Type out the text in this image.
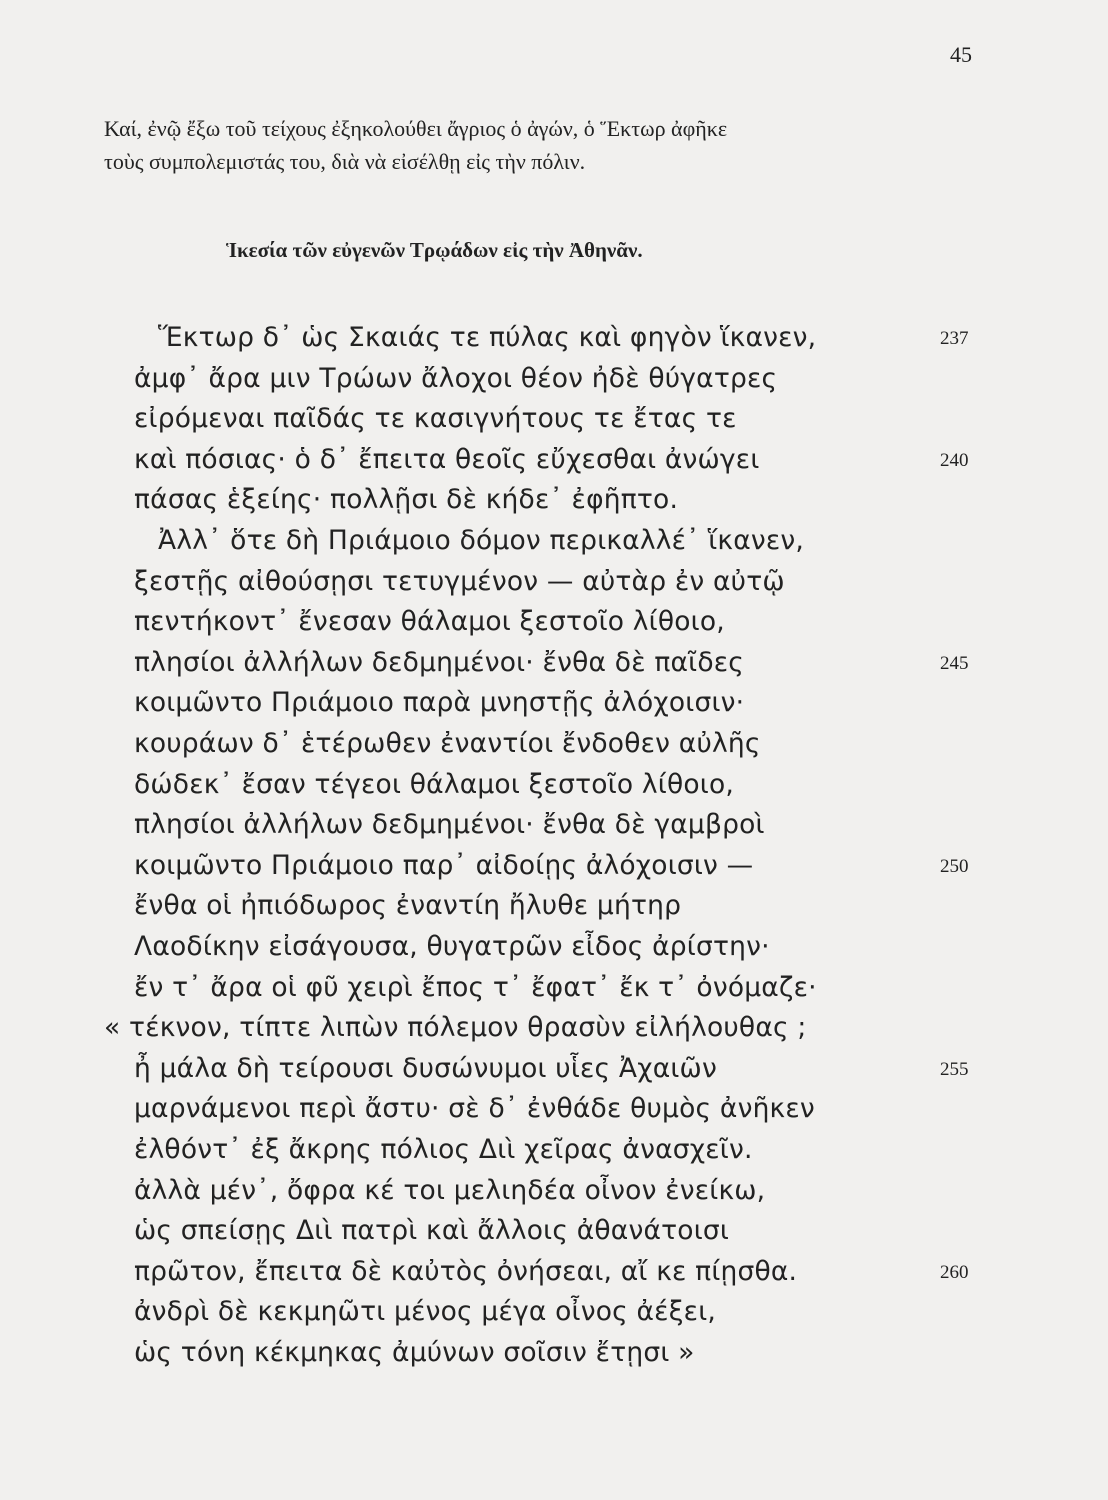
45
Καί, ἐνῷ ἔξω τοῦ τείχους ἐξηκολούθει ἄγριος ὁ ἀγών, ὁ Ἕκτωρ ἀφῆκε
τοὺς συμπολεμιστάς του, διὰ νὰ εἰσέλθῃ εἰς τὴν πόλιν.
Ἱκεσία τῶν εὐγενῶν Τρῳάδων εἰς τὴν Ἀθηνᾶν.
Ἕκτωρ δ᾽ ὡς Σκαιάς τε πύλας καὶ φηγὸν ἵκανεν,	237
ἀμφ᾽ ἄρα μιν Τρώων ἄλοχοι θέον ἠδὲ θύγατρες
εἰρόμεναι παῖδάς τε κασιγνήτους τε ἔτας τε
καὶ πόσιας· ὁ δ᾽ ἔπειτα θεοῖς εὔχεσθαι ἀνώγει	240
πάσας ἑξείης· πολλῇσι δὲ κήδε᾽ ἐφῆπτο.
Ἀλλ᾽ ὅτε δὴ Πριάμοιο δόμον περικαλλέ᾽ ἵκανεν,
ξεστῇς αἰθούσῃσι τετυγμένον — αὐτὰρ ἐν αὐτῷ
πεντήκοντ᾽ ἔνεσαν θάλαμοι ξεστοῖο λίθοιο,
πλησίοι ἀλλήλων δεδμημένοι· ἔνθα δὲ παῖδες	245
κοιμῶντο Πριάμοιο παρὰ μνηστῇς ἀλόχοισιν·
κουράων δ᾽ ἑτέρωθεν ἐναντίοι ἔνδοθεν αὐλῆς
δώδεκ᾽ ἔσαν τέγεοι θάλαμοι ξεστοῖο λίθοιο,
πλησίοι ἀλλήλων δεδμημένοι· ἔνθα δὲ γαμβροὶ
κοιμῶντο Πριάμοιο παρ᾽ αἰδοίῃς ἀλόχοισιν —	250
ἔνθα οἱ ἠπιόδωρος ἐναντίη ἤλυθε μήτηρ
Λαοδίκην εἰσάγουσα, θυγατρῶν εἶδος ἀρίστην·
ἔν τ᾽ ἄρα οἱ φῦ χειρὶ ἔπος τ᾽ ἔφατ᾽ ἔκ τ᾽ ὀνόμαζε·
« τέκνον, τίπτε λιπὼν πόλεμον θρασὺν εἰλήλουθας ;
ἦ μάλα δὴ τείρουσι δυσώνυμοι υἷες Ἀχαιῶν	255
μαρνάμενοι περὶ ἄστυ· σὲ δ᾽ ἐνθάδε θυμὸς ἀνῆκεν
ἐλθόντ᾽ ἐξ ἄκρης πόλιος Διὶ χεῖρας ἀνασχεῖν.
ἀλλὰ μέν᾽, ὄφρα κέ τοι μελιηδέα οἶνον ἐνείκω,
ὡς σπείσῃς Διὶ πατρὶ καὶ ἄλλοις ἀθανάτοισι
πρῶτον, ἔπειτα δὲ καὐτὸς ὀνήσεαι, αἴ κε πίῃσθα.	260
ἀνδρὶ δὲ κεκμηῶτι μένος μέγα οἶνος ἀέξει,
ὡς τόνη κέκμηκας ἀμύνων σοῖσιν ἔτῃσι »
